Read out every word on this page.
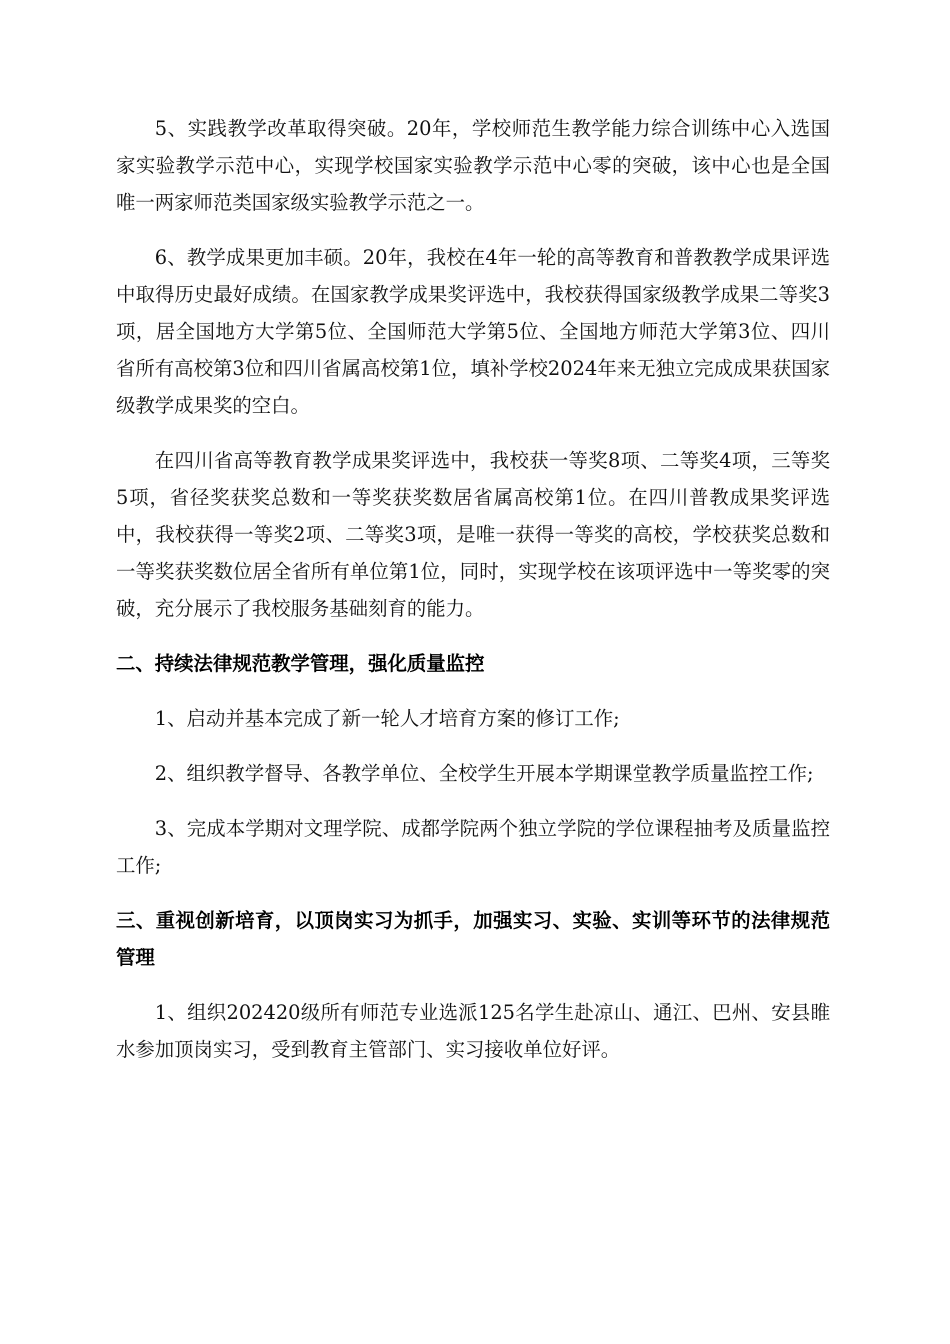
5、实践教学改革取得突破。20年，学校师范生教学能力综合训练中心入选国家实验教学示范中心，实现学校国家实验教学示范中心零的突破，该中心也是全国唯一两家师范类国家级实验教学示范之一。

6、教学成果更加丰硕。20年，我校在4年一轮的高等教育和普教教学成果评选中取得历史最好成绩。在国家教学成果奖评选中，我校获得国家级教学成果二等奖3项，居全国地方大学第5位、全国师范大学第5位、全国地方师范大学第3位、四川省所有高校第3位和四川省属高校第1位，填补学校2024年来无独立完成成果获国家级教学成果奖的空白。

在四川省高等教育教学成果奖评选中，我校获一等奖8项、二等奖4项，三等奖5项，省径奖获奖总数和一等奖获奖数居省属高校第1位。在四川普教成果奖评选中，我校获得一等奖2项、二等奖3项，是唯一获得一等奖的高校，学校获奖总数和一等奖获奖数位居全省所有单位第1位，同时，实现学校在该项评选中一等奖零的突破，充分展示了我校服务基础刻育的能力。

二、持续法律规范教学管理，强化质量监控

1、启动并基本完成了新一轮人才培育方案的修订工作;

2、组织教学督导、各教学单位、全校学生开展本学期课堂教学质量监控工作;

3、完成本学期对文理学院、成都学院两个独立学院的学位课程抽考及质量监控工作;

三、重视创新培育，以顶岗实习为抓手，加强实习、实验、实训等环节的法律规范管理

1、组织202420级所有师范专业选派125名学生赴凉山、通江、巴州、安县睢水参加顶岗实习，受到教育主管部门、实习接收单位好评。
